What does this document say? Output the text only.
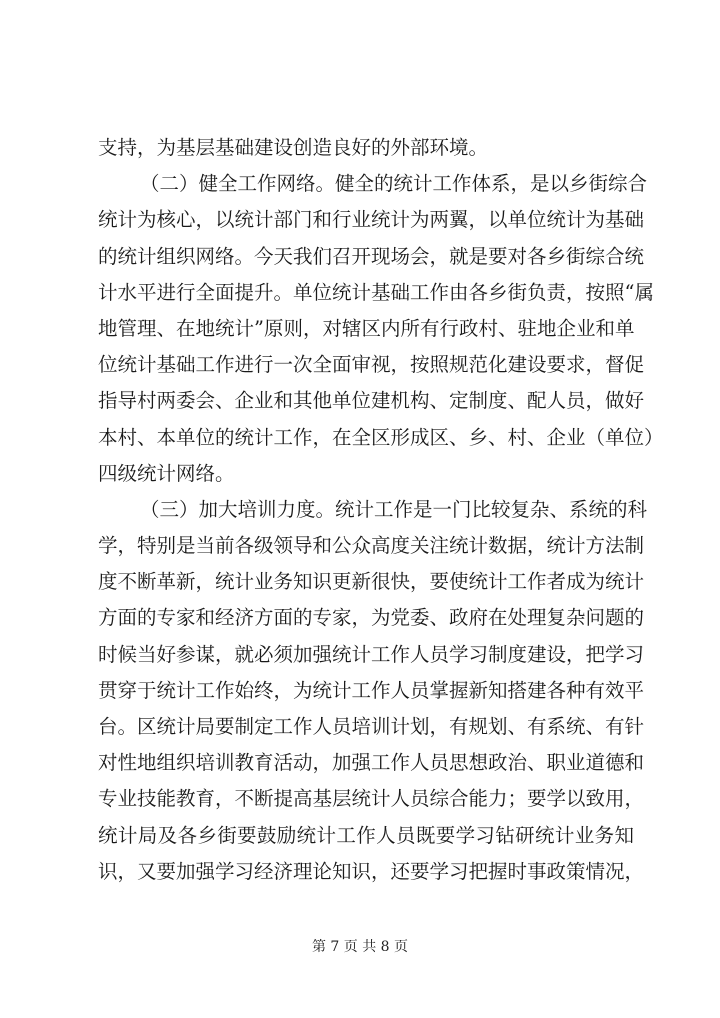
支持，为基层基础建设创造良好的外部环境。
（二）健全工作网络。健全的统计工作体系，是以乡街综合
统计为核心，以统计部门和行业统计为两翼，以单位统计为基础
的统计组织网络。今天我们召开现场会，就是要对各乡街综合统
计水平进行全面提升。单位统计基础工作由各乡街负责，按照“属
地管理、在地统计”原则，对辖区内所有行政村、驻地企业和单
位统计基础工作进行一次全面审视，按照规范化建设要求，督促
指导村两委会、企业和其他单位建机构、定制度、配人员，做好
本村、本单位的统计工作，在全区形成区、乡、村、企业（单位）
四级统计网络。
（三）加大培训力度。统计工作是一门比较复杂、系统的科
学，特别是当前各级领导和公众高度关注统计数据，统计方法制
度不断革新，统计业务知识更新很快，要使统计工作者成为统计
方面的专家和经济方面的专家，为党委、政府在处理复杂问题的
时候当好参谋，就必须加强统计工作人员学习制度建设，把学习
贯穿于统计工作始终，为统计工作人员掌握新知搭建各种有效平
台。区统计局要制定工作人员培训计划，有规划、有系统、有针
对性地组织培训教育活动，加强工作人员思想政治、职业道德和
专业技能教育，不断提高基层统计人员综合能力；要学以致用，
统计局及各乡街要鼓励统计工作人员既要学习钻研统计业务知
识，又要加强学习经济理论知识，还要学习把握时事政策情况，
第 7 页 共 8 页
